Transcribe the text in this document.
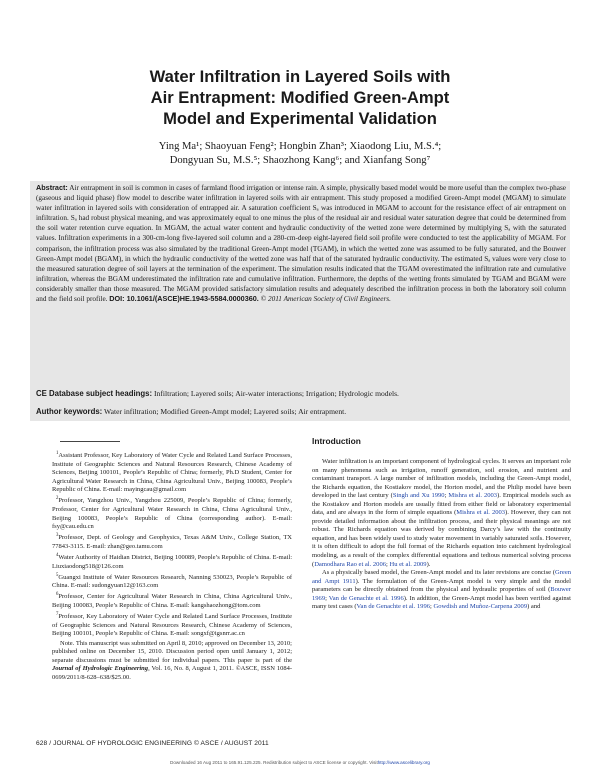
Water Infiltration in Layered Soils with
Air Entrapment: Modified Green-Ampt
Model and Experimental Validation
Ying Ma¹; Shaoyuan Feng²; Hongbin Zhan³; Xiaodong Liu, M.S.⁴;
Dongyuan Su, M.S.⁵; Shaozhong Kang⁶; and Xianfang Song⁷

Abstract: Air entrapment in soil is common in cases of farmland flood irrigation or intense rain. A simple, physically based model would be more useful than the complex two-phase (gaseous and liquid phase) flow model to describe water infiltration in layered soils with air entrapment. This study proposed a modified Green-Ampt model (MGAM) to simulate water infiltration in layered soils with consideration of entrapped air. A saturation coefficient Sₐ was introduced in MGAM to account for the resistance effect of air entrapment on infiltration. Sₐ had robust physical meaning, and was approximately equal to one minus the plus of the residual air and residual water saturation degree that could be determined from the soil water retention curve equation. In MGAM, the actual water content and hydraulic conductivity of the wetted zone were determined by multiplying Sₐ with the saturated values. Infiltration experiments in a 300-cm-long five-layered soil column and a 280-cm-deep eight-layered field soil profile were conducted to test the applicability of MGAM. For comparison, the infiltration process was also simulated by the traditional Green-Ampt model (TGAM), in which the wetted zone was assumed to be fully saturated, and the Bouwer Green-Ampt model (BGAM), in which the hydraulic conductivity of the wetted zone was half that of the saturated hydraulic conductivity. The estimated Sₐ values were very close to the measured saturation degree of soil layers at the termination of the experiment. The simulation results indicated that the TGAM overestimated the infiltration rate and cumulative infiltration, whereas the BGAM underestimated the infiltration rate and cumulative infiltration. Furthermore, the depths of the wetting fronts simulated by TGAM and BGAM were considerably smaller than those measured. The MGAM provided satisfactory simulation results and adequately described the infiltration process in both the laboratory soil column and the field soil profile. DOI: 10.1061/(ASCE)HE.1943-5584.0000360. © 2011 American Society of Civil Engineers.

CE Database subject headings: Infiltration; Layered soils; Air-water interactions; Irrigation; Hydrologic models.

Author keywords: Water infiltration; Modified Green-Ampt model; Layered soils; Air entrapment.

$^1$Assistant Professor, Key Laboratory of Water Cycle and Related Land Surface Processes, Institute of Geographic Sciences and Natural Resources Research, Chinese Academy of Sciences, Beijing 100101, People’s Republic of China; formerly, Ph.D Student, Center for Agricultural Water Research in China, China Agricultural Univ., Beijing 100083, People’s Republic of China. E-mail: mayingcau@gmail.com

$^2$Professor, Yangzhou Univ., Yangzhou 225009, People’s Republic of China; formerly, Professor, Center for Agricultural Water Research in China, China Agricultural Univ., Beijing 100083, People’s Republic of China (corresponding author). E-mail: fsy@cau.edu.cn

$^3$Professor, Dept. of Geology and Geophysics, Texas A&M Univ., College Station, TX 77843-3115. E-mail: zhan@geo.tamu.com

$^4$Water Authority of Haidian District, Beijing 100089, People’s Republic of China. E-mail: Liuxiaodong518@126.com

$^5$Guangxi Institute of Water Resources Research, Nanning 530023, People’s Republic of China. E-mail: sudongyuan12@163.com

$^6$Professor, Center for Agricultural Water Research in China, China Agricultural Univ., Beijing 100083, People’s Republic of China. E-mail: kangshaozhong@tom.com

$^7$Professor, Key Laboratory of Water Cycle and Related Land Surface Processes, Institute of Geographic Sciences and Natural Resources Research, Chinese Academy of Sciences, Beijing 100101, People’s Republic of China. E-mail: songxf@igsnrr.ac.cn

Note. This manuscript was submitted on April 8, 2010; approved on December 13, 2010; published online on December 15, 2010. Discussion period open until January 1, 2012; separate discussions must be submitted for individual papers. This paper is part of the Journal of Hydrologic Engineering, Vol. 16, No. 8, August 1, 2011. ©ASCE, ISSN 1084-0699/2011/8-628–638/$25.00.

Introduction

Water infiltration is an important component of hydrological cycles. It serves an important role on many phenomena such as irrigation, runoff generation, soil erosion, and nutrient and contaminant transport. A large number of infiltration models, including the Green-Ampt model, the Richards equation, the Kostiakov model, the Horton model, and the Philip model have been developed in the last century (Singh and Xu 1990; Mishra et al. 2003). Empirical models such as the Kostiakov and Horton models are usually fitted from either field or laboratory experimental data, and are always in the form of simple equations (Mishra et al. 2003). However, they can not provide detailed information about the infiltration process, and their physical meanings are not robust. The Richards equation was derived by combining Darcy’s law with the continuity equation, and has been widely used to study water movement in variably saturated soils. However, it is often difficult to adopt the full format of the Richards equation into catchment hydrological modeling, as a result of the complex differential equations and tedious numerical solving process (Damodhara Rao et al. 2006; Hu et al. 2009).

As a physically based model, the Green-Ampt model and its later revisions are concise (Green and Ampt 1911). The formulation of the Green-Ampt model is very simple and the model parameters can be directly obtained from the physical and hydraulic properties of soil (Bouwer 1969; Van de Genachte et al. 1996). In addition, the Green-Ampt model has been verified against many test cases (Van de Genachte et al. 1996; Gowdish and Muñoz-Carpena 2009) and

628 / JOURNAL OF HYDROLOGIC ENGINEERING © ASCE / AUGUST 2011

Downloaded 16 Aug 2011 to 165.91.125.225. Redistribution subject to ASCE license or copyright. Visithttp://www.ascelibrary.org
